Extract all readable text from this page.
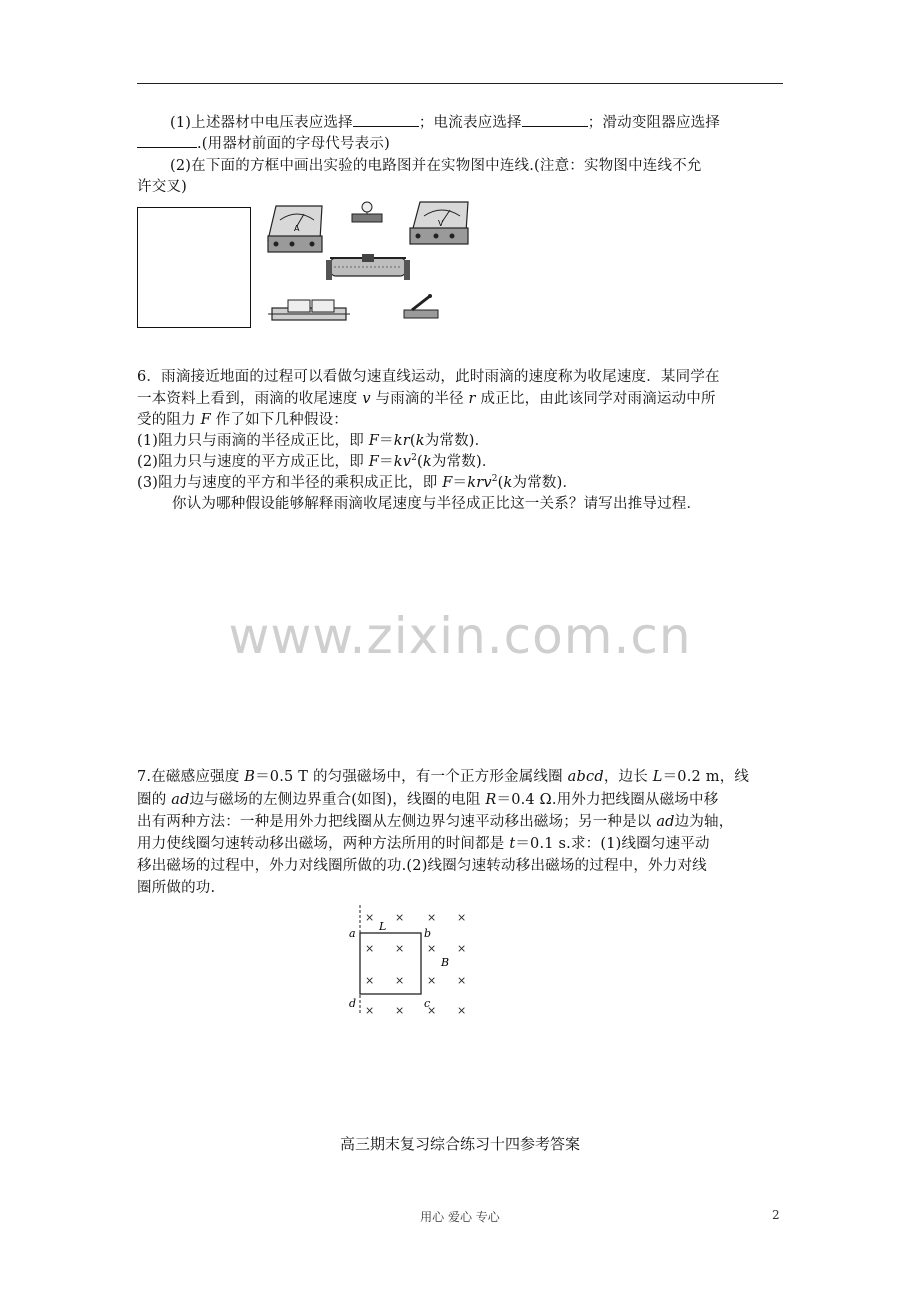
(1)上述器材中电压表应选择	；电流表应选择	；滑动变阻器应选择
.(用器材前面的字母代号表示)
(2)在下面的方框中画出实验的电路图并在实物图中连线.(注意：实物图中连线不允
许交叉)
A
V
6．雨滴接近地面的过程可以看做匀速直线运动，此时雨滴的速度称为收尾速度．某同学在
一本资料上看到，雨滴的收尾速度 v 与雨滴的半径 r 成正比，由此该同学对雨滴运动中所
受的阻力 F 作了如下几种假设：
(1)阻力只与雨滴的半径成正比，即 F＝kr(k为常数)．
(2)阻力只与速度的平方成正比，即 $F=kv^2(k$为常数)．
(3)阻力与速度的平方和半径的乘积成正比，即 F＝krv$^2$(k为常数)．
你认为哪种假设能够解释雨滴收尾速度与半径成正比这一关系？请写出推导过程．
www.zixin.com.cn
7.在磁感应强度 B＝0.5 T 的匀强磁场中，有一个正方形金属线圈 abcd，边长 L＝0.2 m，线
圈的 ad边与磁场的左侧边界重合(如图)，线圈的电阻 R＝0.4 Ω.用外力把线圈从磁场中移
出有两种方法：一种是用外力把线圈从左侧边界匀速平动移出磁场；另一种是以 ad边为轴，
用力使线圈匀速转动移出磁场，两种方法所用的时间都是 t＝0.1 s.求：(1)线圈匀速平动
移出磁场的过程中，外力对线圈所做的功.(2)线圈匀速转动移出磁场的过程中，外力对线
圈所做的功.
× × × ×
× × × ×
× × × ×
× × × ×
a	b
c
d
L
B
高三期末复习综合练习十四参考答案
用心 爱心 专心	2
